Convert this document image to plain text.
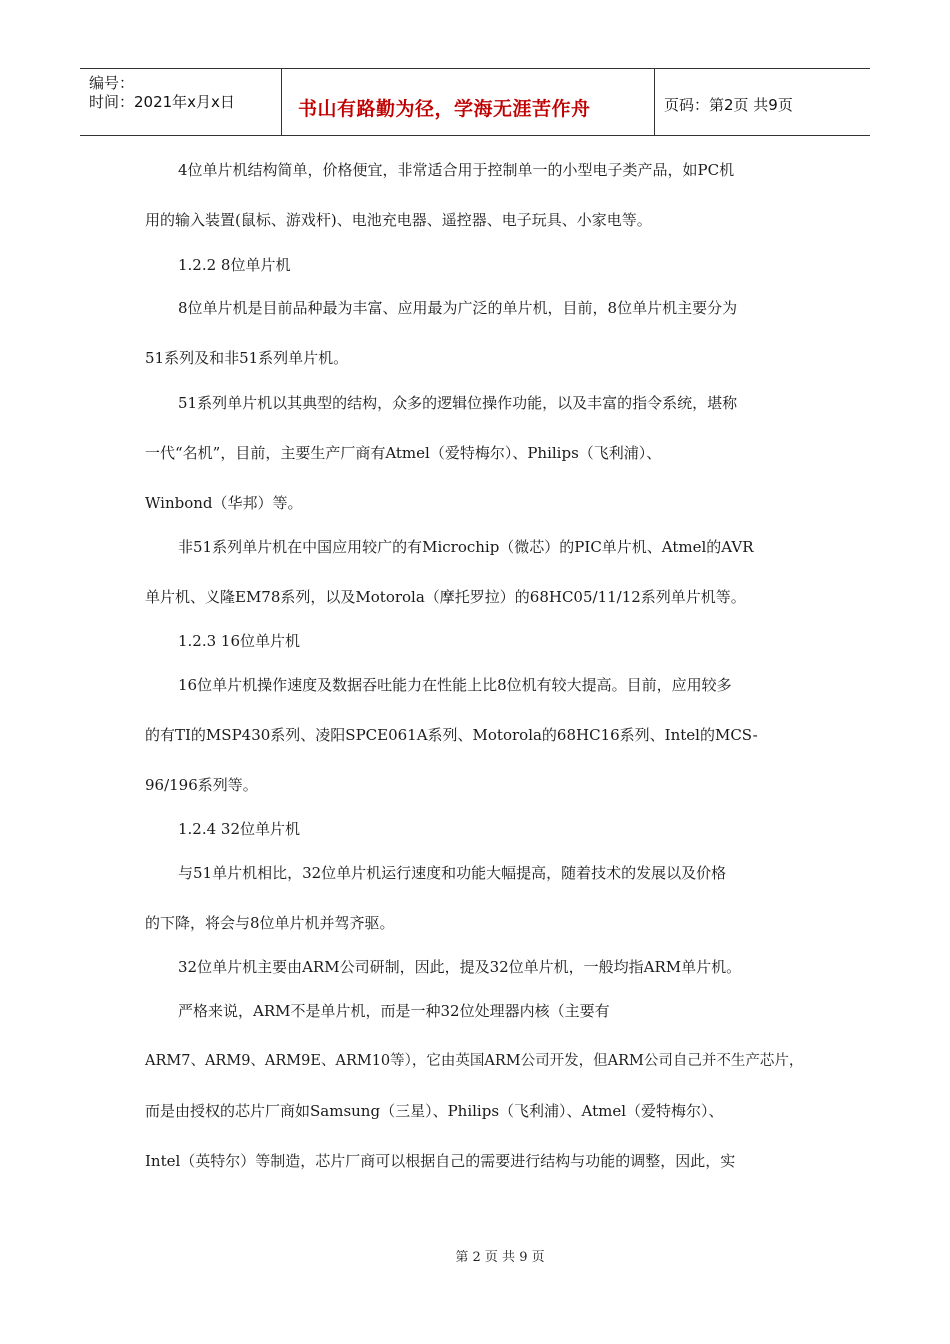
编号：
时间：2021年x月x日	书山有路勤为径，学海无涯苦作舟	页码：第2页 共9页
4位单片机结构简单，价格便宜，非常适合用于控制单一的小型电子类产品，如PC机
用的输入装置(鼠标、游戏杆)、电池充电器、遥控器、电子玩具、小家电等。
1.2.2 8位单片机
8位单片机是目前品种最为丰富、应用最为广泛的单片机，目前，8位单片机主要分为
51系列及和非51系列单片机。
51系列单片机以其典型的结构，众多的逻辑位操作功能，以及丰富的指令系统，堪称
一代“名机”，目前，主要生产厂商有Atmel（爱特梅尔）、Philips（飞利浦）、
Winbond（华邦）等。
非51系列单片机在中国应用较广的有Microchip（微芯）的PIC单片机、Atmel的AVR
单片机、义隆EM78系列，以及Motorola（摩托罗拉）的68HC05/11/12系列单片机等。
1.2.3 16位单片机
16位单片机操作速度及数据吞吐能力在性能上比8位机有较大提高。目前，应用较多
的有TI的MSP430系列、凌阳SPCE061A系列、Motorola的68HC16系列、Intel的MCS-
96/196系列等。
1.2.4 32位单片机
与51单片机相比，32位单片机运行速度和功能大幅提高，随着技术的发展以及价格
的下降，将会与8位单片机并驾齐驱。
32位单片机主要由ARM公司研制，因此，提及32位单片机，一般均指ARM单片机。
严格来说，ARM不是单片机，而是一种32位处理器内核（主要有
ARM7、ARM9、ARM9E、ARM10等），它由英国ARM公司开发，但ARM公司自己并不生产芯片，
而是由授权的芯片厂商如Samsung（三星）、Philips（飞利浦）、Atmel（爱特梅尔）、
Intel（英特尔）等制造，芯片厂商可以根据自己的需要进行结构与功能的调整，因此，实
第 2 页 共 9 页
